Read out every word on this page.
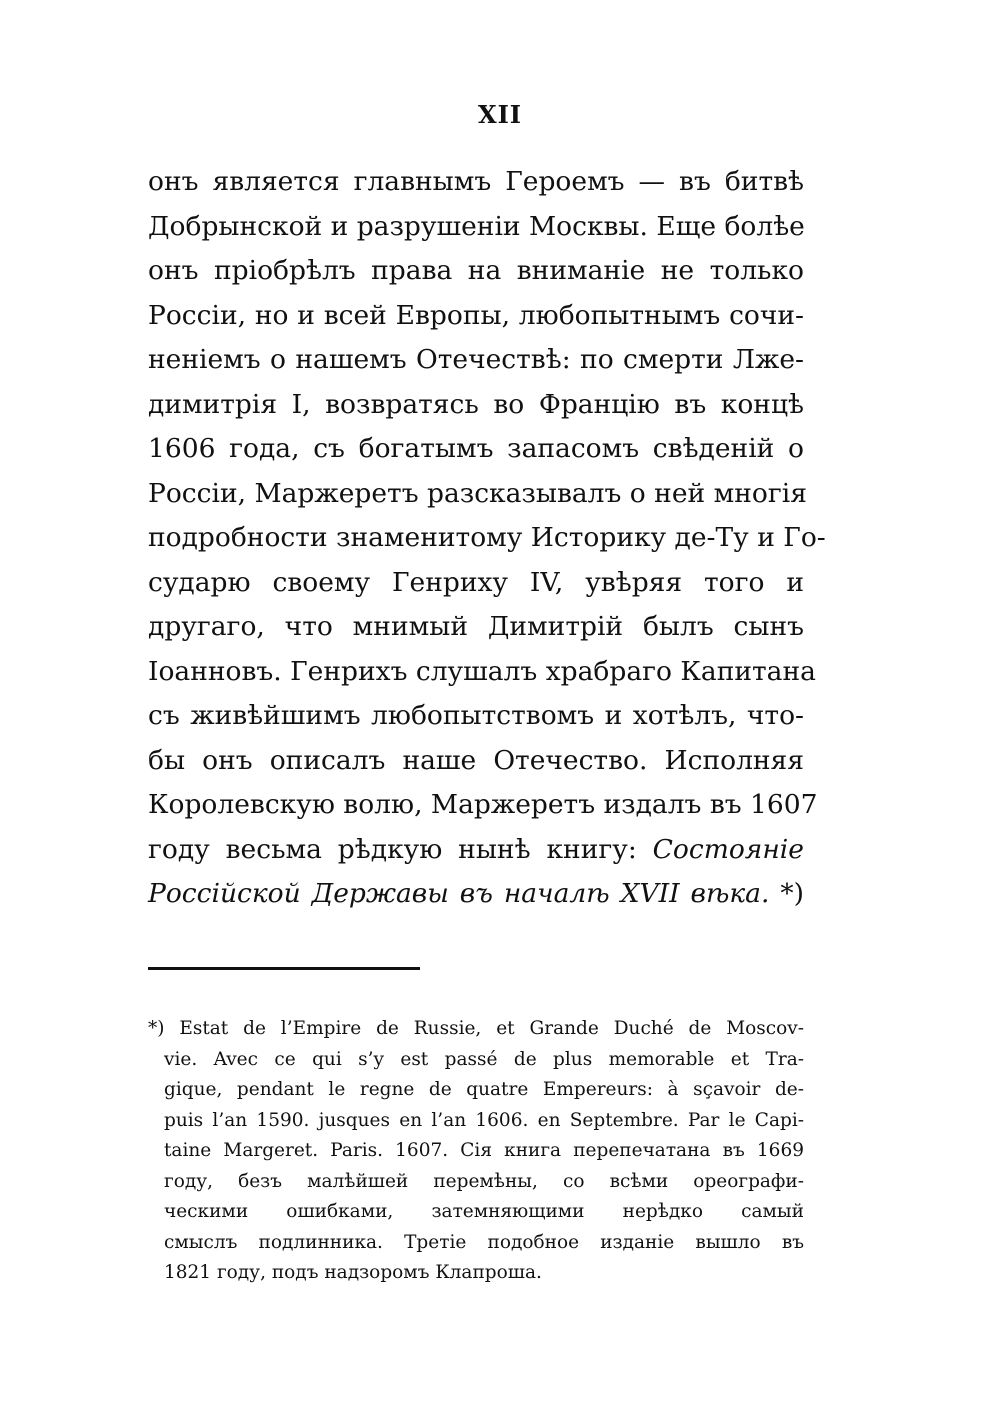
XII
онъ является главнымъ Героемъ — въ битвѣ
Добрынской и разрушеніи Москвы. Еще болѣе
онъ пріобрѣлъ права на вниманіе не только
Россіи, но и всей Европы, любопытнымъ сочи-
неніемъ о нашемъ Отечествѣ: по смерти Лже-
димитрія I, возвратясь во Францію въ концѣ
1606 года, съ богатымъ запасомъ свѣденій о
Россіи, Маржеретъ разсказывалъ о ней многія
подробности знаменитому Историку де-Ту и Го-
сударю своему Генриху IV, увѣряя того и
другаго, что мнимый Димитрій былъ сынъ
Іоанновъ. Генрихъ слушалъ храбраго Капитана
съ живѣйшимъ любопытствомъ и хотѣлъ, что-
бы онъ описалъ наше Отечество. Исполняя
Королевскую волю, Маржеретъ издалъ въ 1607
году весьма рѣдкую нынѣ книгу: Состояніе
Россійской Державы въ началѣ XVII вѣка. *)
*) Estat de l’Empire de Russie, et Grande Duché de Moscov-
vie. Avec ce qui s’y est passé de plus memorable et Tra-
gique, pendant le regne de quatre Empereurs: à sçavoir de-
puis l’an 1590. jusques en l’an 1606. en Septembre. Par le Capi-
taine Margeret. Paris. 1607. Сія книга перепечатана въ 1669
году, безъ малѣйшей перемѣны, со всѣми ореографи-
ческими ошибками, затемняющими нерѣдко самый
смыслъ подлинника. Третіе подобное изданіе вышло въ
1821 году, подъ надзоромъ Клапроша.
